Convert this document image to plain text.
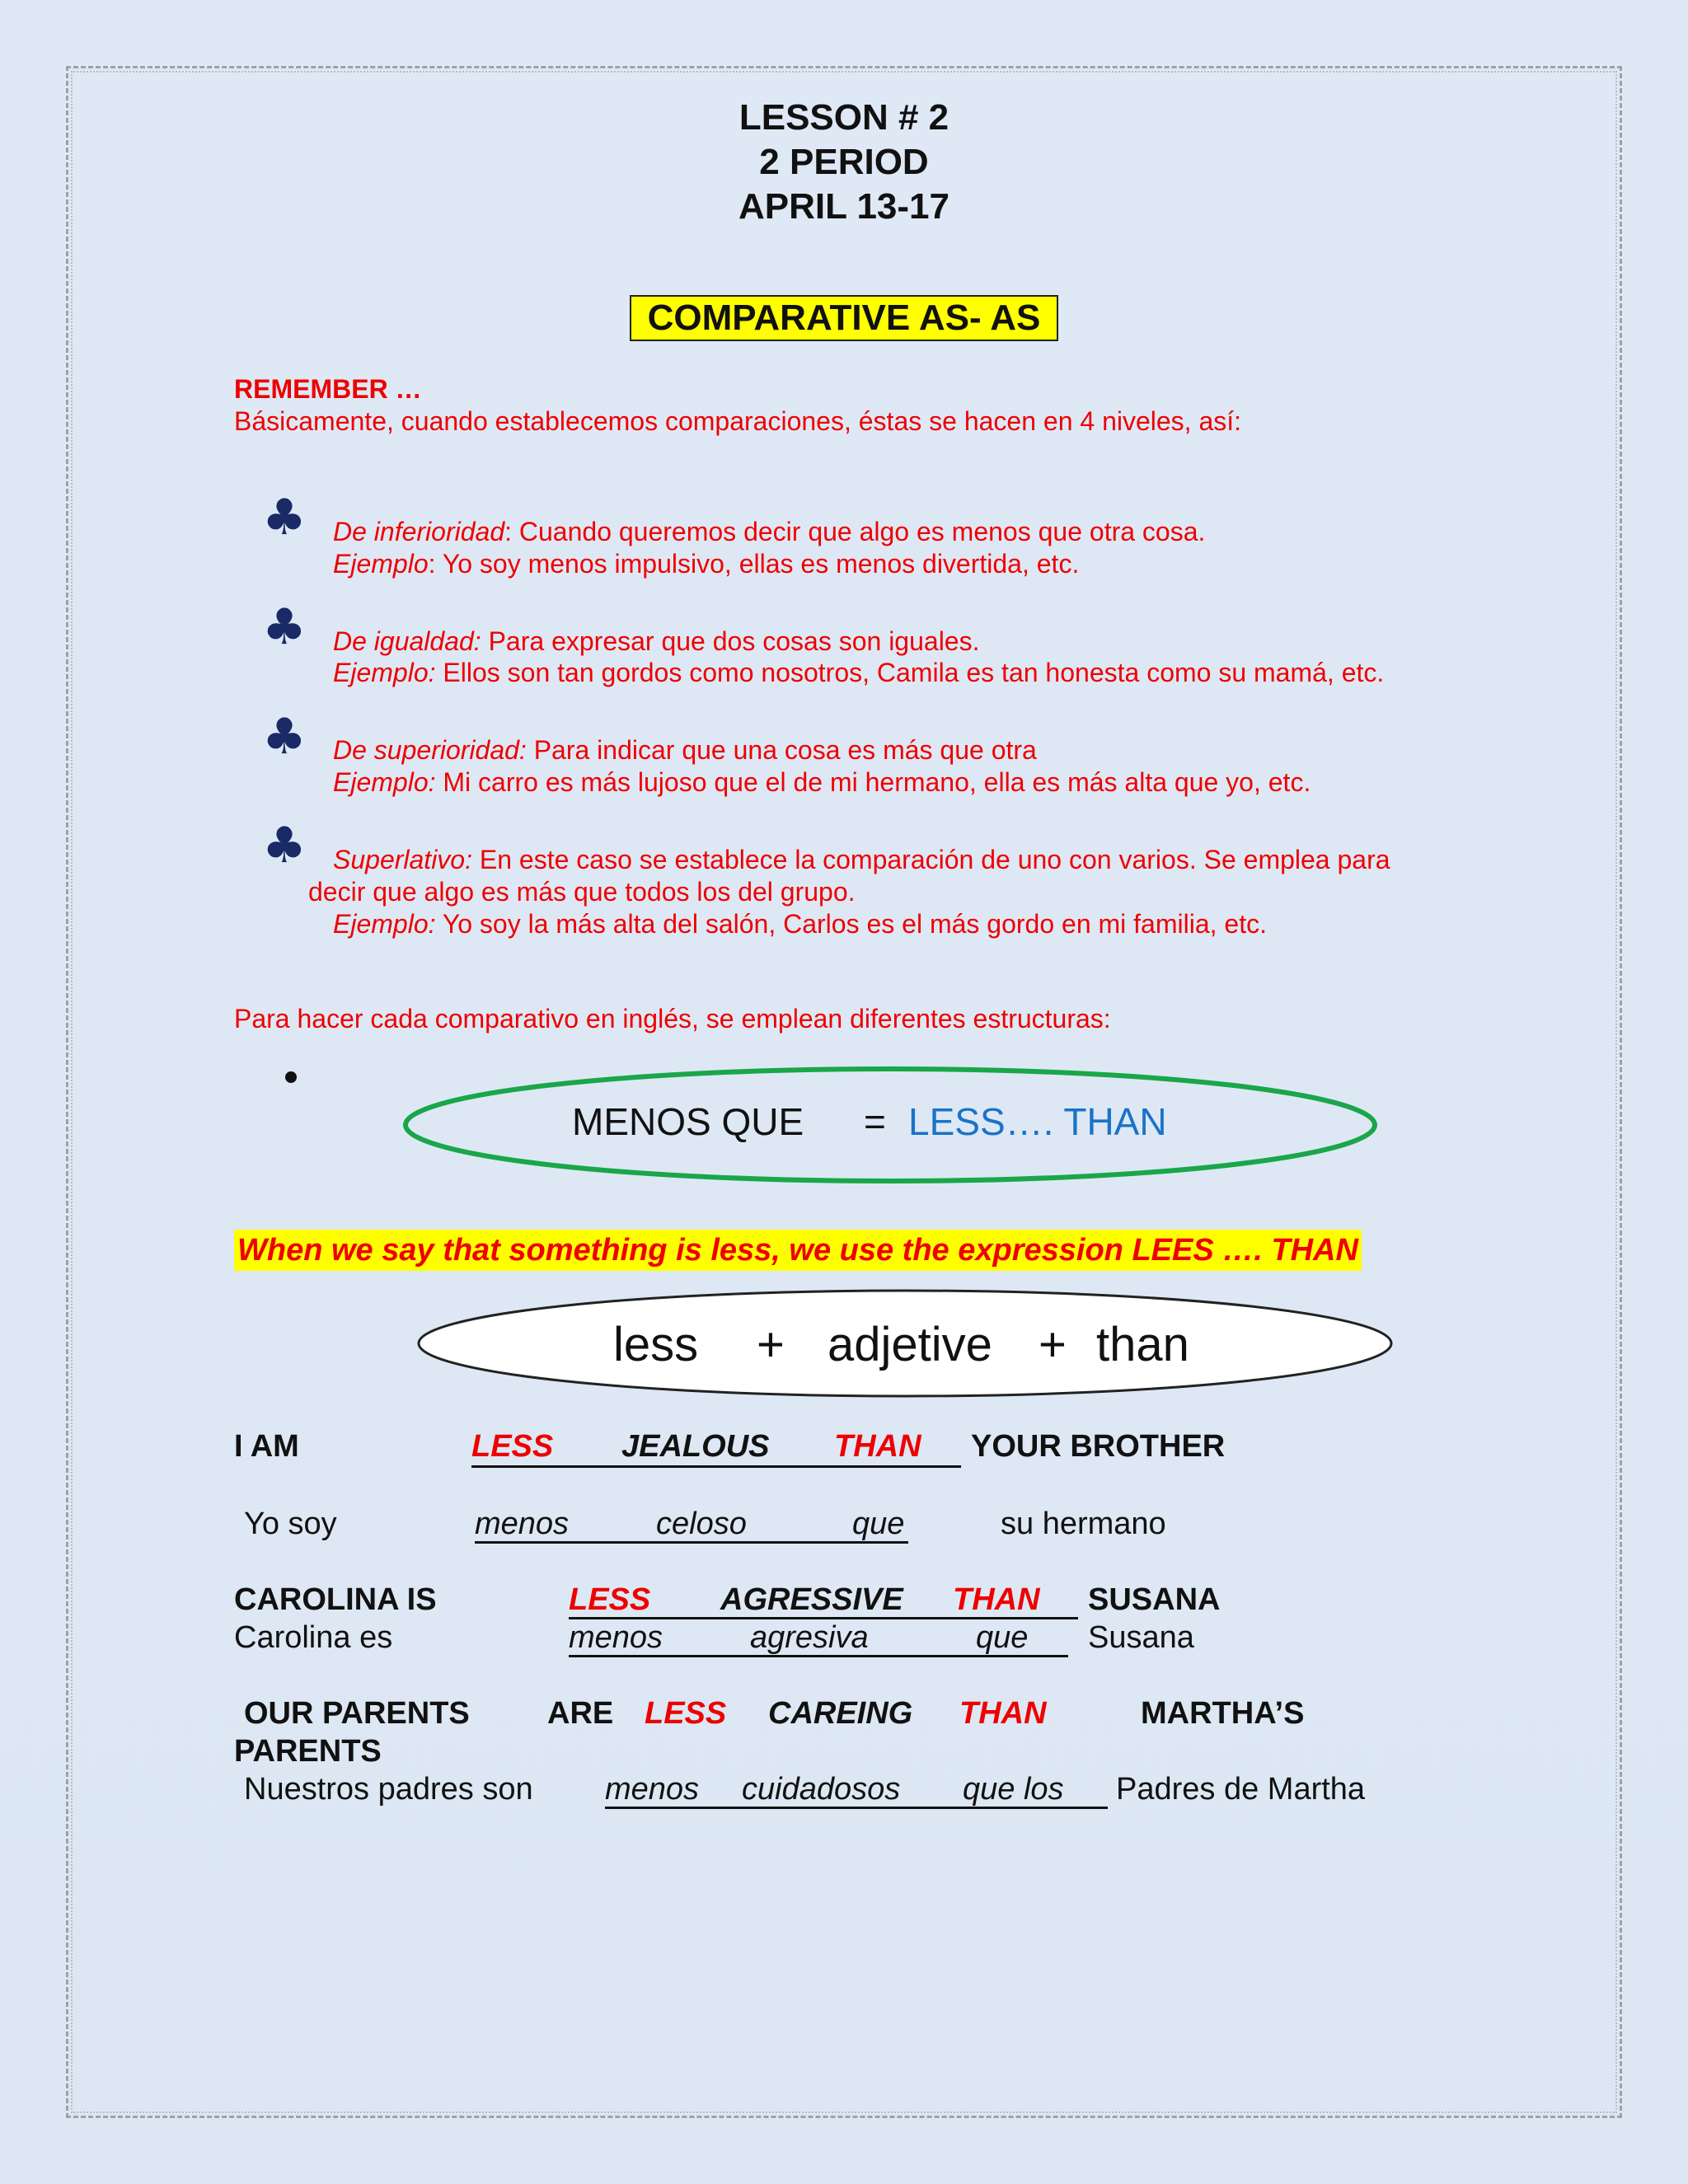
LESSON # 2
2 PERIOD
APRIL 13-17
COMPARATIVE AS- AS
REMEMBER …
Básicamente, cuando establecemos comparaciones, éstas se hacen en 4 niveles, así:
♣ De inferioridad: Cuando queremos decir que algo es menos que otra cosa.
Ejemplo: Yo soy menos impulsivo, ellas es menos divertida, etc.
♣ De igualdad: Para expresar que dos cosas son iguales.
Ejemplo: Ellos son tan gordos como nosotros, Camila es tan honesta como su mamá, etc.
♣ De superioridad: Para indicar que una cosa es más que otra
Ejemplo: Mi carro es más lujoso que el de mi hermano, ella es más alta que yo, etc.
♣ Superlativo: En este caso se establece la comparación de uno con varios. Se emplea para
decir que algo es más que todos los del grupo.
Ejemplo: Yo soy la más alta del salón, Carlos es el más gordo en mi familia, etc.
Para hacer cada comparativo en inglés, se emplean diferentes estructuras:
MENOS QUE = LESS…. THAN
When we say that something is less, we use the expression LEES …. THAN
less + adjetive + than
I AM	LESS JEALOUS THAN YOUR BROTHER
Yo soy	menos	celoso	que	su hermano
CAROLINA IS	LESS AGRESSIVE THAN SUSANA
Carolina es	menos	agresiva	que Susana
OUR PARENTS ARE LESS CAREING THAN	MARTHA’S
PARENTS
Nuestros padres son menos cuidadosos que los Padres de Martha
